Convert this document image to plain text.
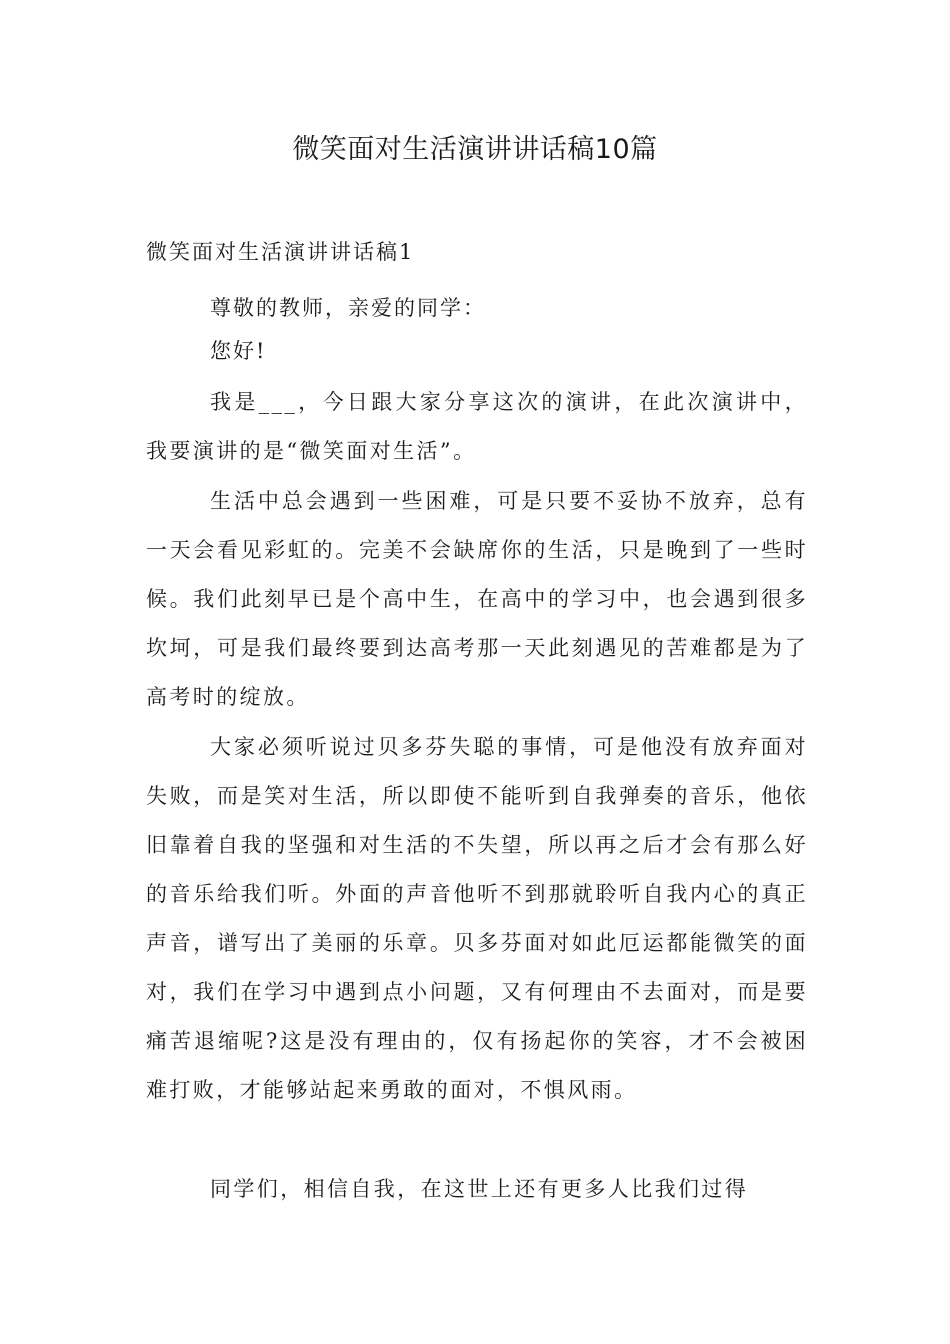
微笑面对生活演讲讲话稿10篇
微笑面对生活演讲讲话稿1

尊敬的教师，亲爱的同学：

您好!

我是___，今日跟大家分享这次的演讲，在此次演讲中，我要演讲的是“微笑面对生活”。

生活中总会遇到一些困难，可是只要不妥协不放弃，总有一天会看见彩虹的。完美不会缺席你的生活，只是晚到了一些时候。我们此刻早已是个高中生，在高中的学习中，也会遇到很多坎坷，可是我们最终要到达高考那一天此刻遇见的苦难都是为了高考时的绽放。

大家必须听说过贝多芬失聪的事情，可是他没有放弃面对失败，而是笑对生活，所以即使不能听到自我弹奏的音乐，他依旧靠着自我的坚强和对生活的不失望，所以再之后才会有那么好的音乐给我们听。外面的声音他听不到那就聆听自我内心的真正声音，谱写出了美丽的乐章。贝多芬面对如此厄运都能微笑的面对，我们在学习中遇到点小问题，又有何理由不去面对，而是要痛苦退缩呢?这是没有理由的，仅有扬起你的笑容，才不会被困难打败，才能够站起来勇敢的面对，不惧风雨。

同学们，相信自我，在这世上还有更多人比我们过得
